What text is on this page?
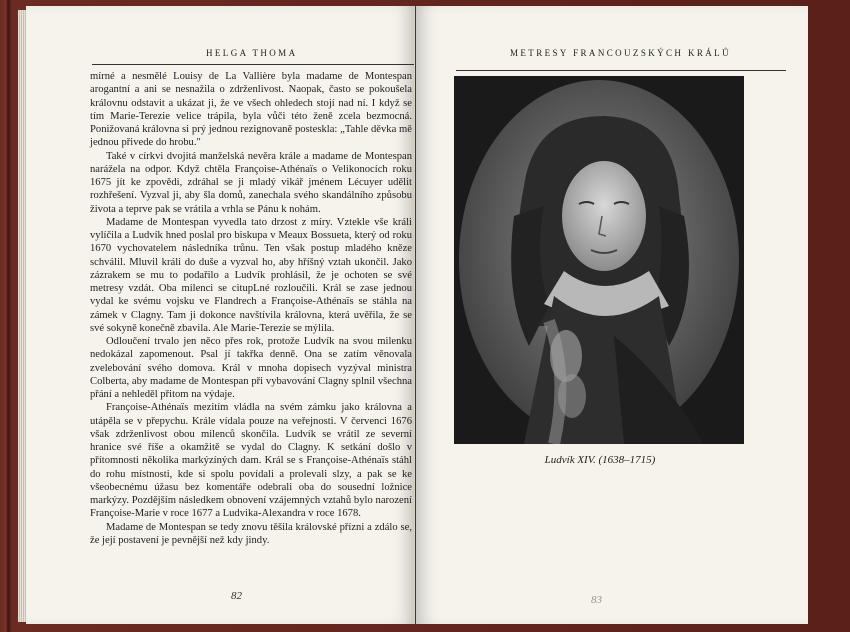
HELGA THOMA

mírné a nesmělé Louisy de La Vallière byla madame de Montespan arogantní a ani se nesnažila o zdrženlivost. Naopak, často se pokoušela královnu odstavit a ukázat ji, že ve všech ohledech stojí nad ní. I když se tím Marie-Terezie velice trápila, byla vůči této ženě zcela bezmocná. Ponižovaná královna si prý jednou rezignovaně posteskla: „Tahle děvka mě jednou přivede do hrobu."

Také v církvi dvojitá manželská nevěra krále a madame de Montespan narážela na odpor. Když chtěla Françoise-Athénaïs o Velikonocích roku 1675 jít ke zpovědi, zdráhal se ji mladý vikář jménem Lécuyer udělit rozhřešení. Vyzval ji, aby šla domů, zanechala svého skandálního způsobu života a teprve pak se vrátila a vrhla se Pánu k nohám.

Madame de Montespan vyvedla tato drzost z míry. Vztekle vše králi vylíčila a Ludvík hned poslal pro biskupa v Meaux Bossueta, který od roku 1670 vychovatelem následníka trůnu. Ten však postup mladého kněze schválil. Mluvil králi do duše a vyzval ho, aby hříšný vztah ukončil. Jako zázrakem se mu to podařilo a Ludvík prohlásil, že je ochoten se své metresy vzdát. Oba milenci se citupLné rozloučili. Král se zase jednou vydal ke svému vojsku ve Flandrech a Françoise-Athénaïs se stáhla na zámek v Clagny. Tam ji dokonce navštívila královna, která uvěřila, že se své sokyně konečně zbavila. Ale Marie-Terezie se mýlila.

Odloučení trvalo jen něco přes rok, protože Ludvík na svou milenku nedokázal zapomenout. Psal jí takřka denně. Ona se zatím věnovala zvelebování svého domova. Král v mnoha dopisech vyzýval ministra Colberta, aby madame de Montespan při vybavování Clagny splnil všechna přání a nehleděl přitom na výdaje.

Françoise-Athénaïs mezitím vládla na svém zámku jako královna a utápěla se v přepychu. Krále vídala pouze na veřejnosti. V červenci 1676 však zdrženlivost obou milenců skončila. Ludvík se vrátil ze severní hranice své říše a okamžitě se vydal do Clagny. K setkání došlo v přítomnosti několika markýzíných dam. Král se s Françoise-Athénaïs stáhl do rohu místnosti, kde si spolu povídali a prolevali slzy, a pak se ke všeobecnému úžasu bez komentáře odebrali oba do sousední ložnice markýzy. Pozdějším následkem obnovení vzájemných vztahů bylo narození Françoise-Marie v roce 1677 a Ludvika-Alexandra v roce 1678.

Madame de Montespan se tedy znovu těšila královské přízni a zdálo se, že její postavení je pevnější než kdy jindy.

82
METRESY FRANCOUZSKÝCH KRÁLŮ
Ludvík XIV. (1638–1715)
83
